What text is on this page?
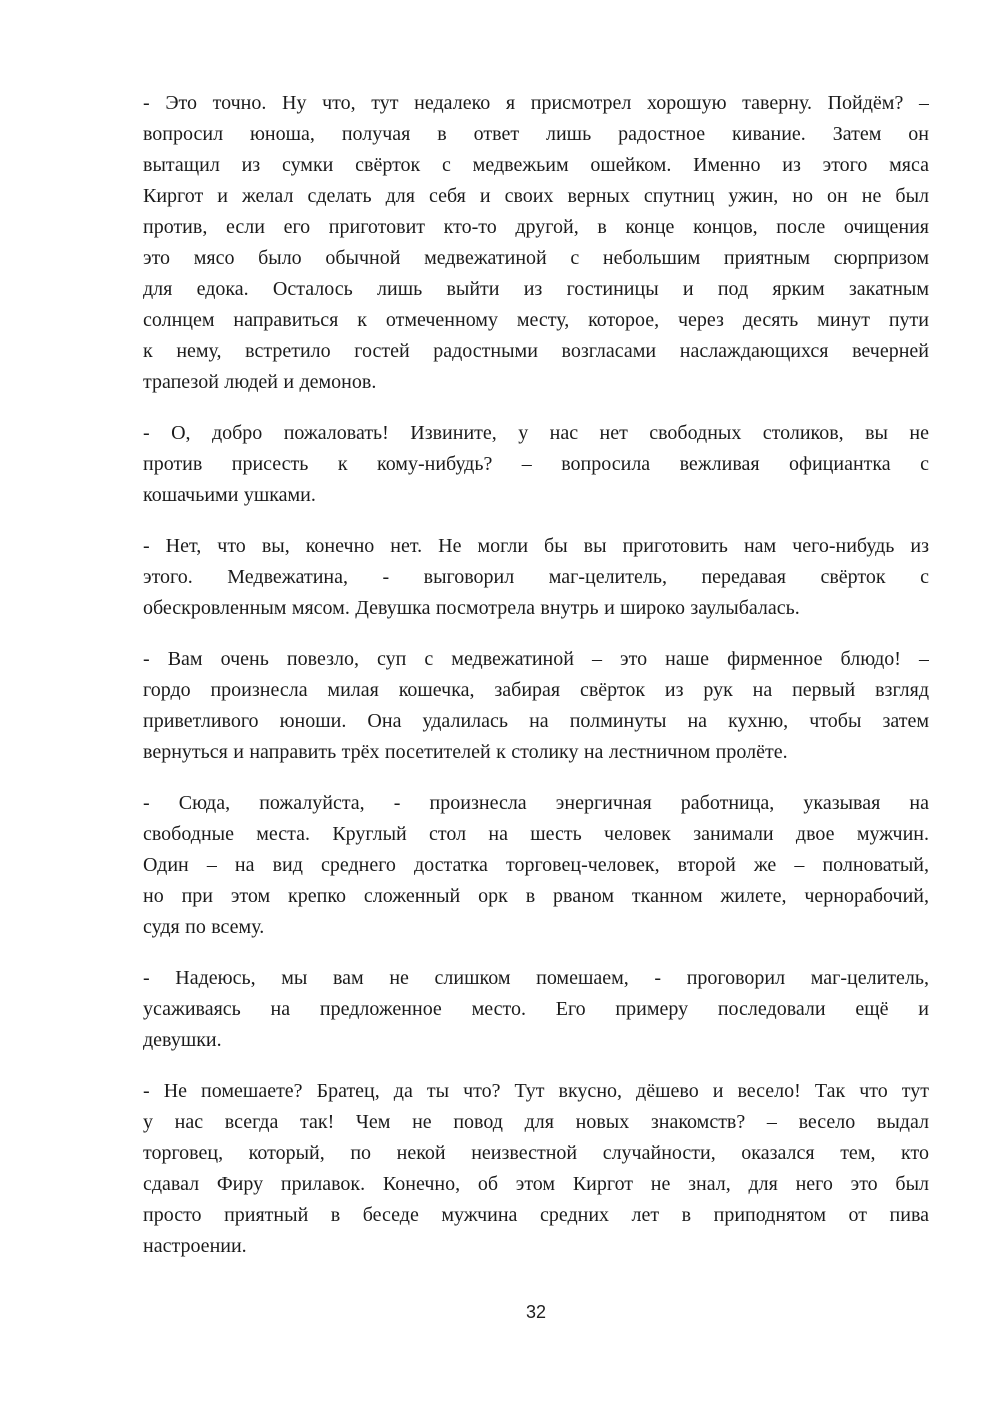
- Это точно. Ну что, тут недалеко я присмотрел хорошую таверну. Пойдём? –
вопросил юноша, получая в ответ лишь радостное кивание. Затем он
вытащил из сумки свёрток с медвежьим ошейком. Именно из этого мяса
Киргот и желал сделать для себя и своих верных спутниц ужин, но он не был
против, если его приготовит кто-то другой, в конце концов, после очищения
это мясо было обычной медвежатиной с небольшим приятным сюрпризом
для едока. Осталось лишь выйти из гостиницы и под ярким закатным
солнцем направиться к отмеченному месту, которое, через десять минут пути
к нему, встретило гостей радостными возгласами наслаждающихся вечерней
трапезой людей и демонов.
- О, добро пожаловать! Извините, у нас нет свободных столиков, вы не
против присесть к кому-нибудь? – вопросила вежливая официантка с
кошачьими ушками.
- Нет, что вы, конечно нет. Не могли бы вы приготовить нам чего-нибудь из
этого. Медвежатина, - выговорил маг-целитель, передавая свёрток с
обескровленным мясом. Девушка посмотрела внутрь и широко заулыбалась.
- Вам очень повезло, суп с медвежатиной – это наше фирменное блюдо! –
гордо произнесла милая кошечка, забирая свёрток из рук на первый взгляд
приветливого юноши. Она удалилась на полминуты на кухню, чтобы затем
вернуться и направить трёх посетителей к столику на лестничном пролёте.
- Сюда, пожалуйста, - произнесла энергичная работница, указывая на
свободные места. Круглый стол на шесть человек занимали двое мужчин.
Один – на вид среднего достатка торговец-человек, второй же – полноватый,
но при этом крепко сложенный орк в рваном тканном жилете, чернорабочий,
судя по всему.
- Надеюсь, мы вам не слишком помешаем, - проговорил маг-целитель,
усаживаясь на предложенное место. Его примеру последовали ещё и
девушки.
- Не помешаете? Братец, да ты что? Тут вкусно, дёшево и весело! Так что тут
у нас всегда так! Чем не повод для новых знакомств? – весело выдал
торговец, который, по некой неизвестной случайности, оказался тем, кто
сдавал Фиру прилавок. Конечно, об этом Киргот не знал, для него это был
просто приятный в беседе мужчина средних лет в приподнятом от пива
настроении.
32
